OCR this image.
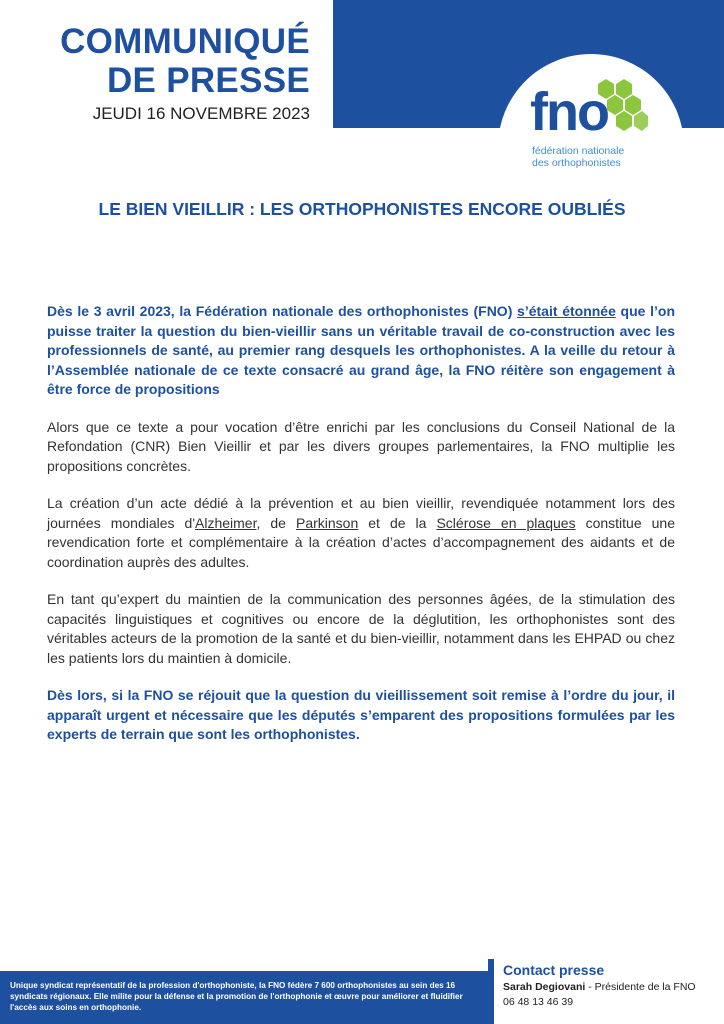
fno
fédération nationale
des orthophonistes
COMMUNIQUÉ
DE PRESSE
JEUDI 16 NOVEMBRE 2023
LE BIEN VIEILLIR : LES ORTHOPHONISTES ENCORE OUBLIÉS

Dès le 3 avril 2023, la Fédération nationale des orthophonistes (FNO) s’était étonnée que l’on puisse traiter la question du bien-vieillir sans un véritable travail de co-construction avec les professionnels de santé, au premier rang desquels les orthophonistes. A la veille du retour à l’Assemblée nationale de ce texte consacré au grand âge, la FNO réitère son engagement à être force de propositions

Alors que ce texte a pour vocation d’être enrichi par les conclusions du Conseil National de la Refondation (CNR) Bien Vieillir et par les divers groupes parlementaires, la FNO multiplie les propositions concrètes.

La création d’un acte dédié à la prévention et au bien vieillir, revendiquée notamment lors des journées mondiales d'Alzheimer, de Parkinson et de la Sclérose en plaques constitue une revendication forte et complémentaire à la création d’actes d’accompagnement des aidants et de coordination auprès des adultes.

En tant qu’expert du maintien de la communication des personnes âgées, de la stimulation des capacités linguistiques et cognitives ou encore de la déglutition, les orthophonistes sont des véritables acteurs de la promotion de la santé et du bien-vieillir, notamment dans les EHPAD ou chez les patients lors du maintien à domicile.

Dès lors, si la FNO se réjouit que la question du vieillissement soit remise à l’ordre du jour, il apparaît urgent et nécessaire que les députés s’emparent des propositions formulées par les experts de terrain que sont les orthophonistes.

Unique syndicat représentatif de la profession d'orthophoniste, la FNO fédère 7 600 orthophonistes au sein des 16 syndicats régionaux. Elle milite pour la défense et la promotion de l'orthophonie et œuvre pour améliorer et fluidifier l'accès aux soins en orthophonie.
Contact presse
Sarah Degiovani - Présidente de la FNO
06 48 13 46 39
